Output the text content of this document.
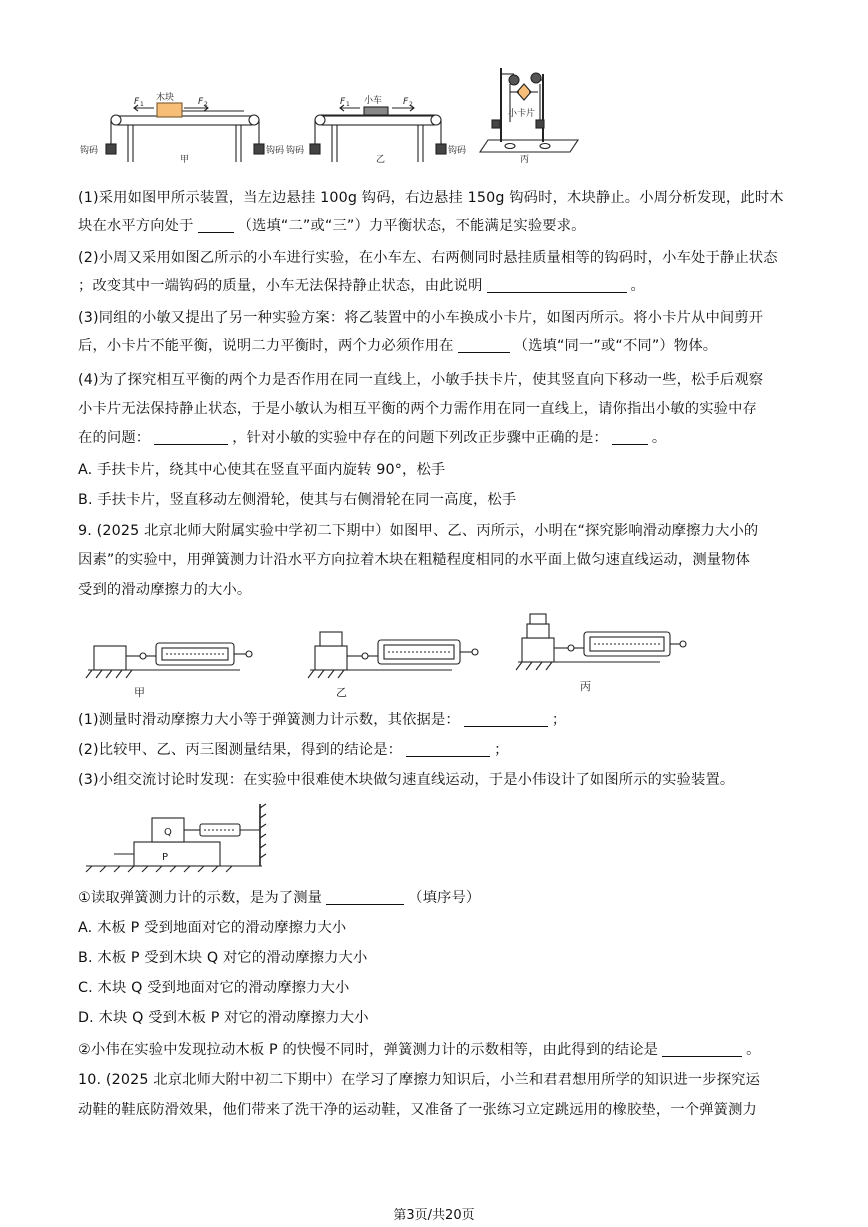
木块
F 1	F 2
钩码	钩码
甲
小车
F 1	F 2
钩码	钩码
乙
小卡片
丙
(1)采用如图甲所示装置，当左边悬挂 100g 钩码，右边悬挂 150g 钩码时，木块静止。小周分析发现，此时木
块在水平方向处于	（选填“二”或“三”）力平衡状态，不能满足实验要求。
(2)小周又采用如图乙所示的小车进行实验，在小车左、右两侧同时悬挂质量相等的钩码时，小车处于静止状态
；改变其中一端钩码的质量，小车无法保持静止状态，由此说明	。
(3)同组的小敏又提出了另一种实验方案：将乙装置中的小车换成小卡片，如图丙所示。将小卡片从中间剪开
后，小卡片不能平衡，说明二力平衡时，两个力必须作用在	（选填“同一”或“不同”）物体。
(4)为了探究相互平衡的两个力是否作用在同一直线上，小敏手扶卡片，使其竖直向下移动一些，松手后观察
小卡片无法保持静止状态，于是小敏认为相互平衡的两个力需作用在同一直线上，请你指出小敏的实验中存
在的问题：	，针对小敏的实验中存在的问题下列改正步骤中正确的是：	。
A. 手扶卡片，绕其中心使其在竖直平面内旋转 90°，松手
B. 手扶卡片，竖直移动左侧滑轮，使其与右侧滑轮在同一高度，松手
9. (2025 北京北师大附属实验中学初二下期中）如图甲、乙、丙所示，小明在“探究影响滑动摩擦力大小的
因素”的实验中，用弹簧测力计沿水平方向拉着木块在粗糙程度相同的水平面上做匀速直线运动，测量物体
受到的滑动摩擦力的大小。
甲	乙	丙
(1)测量时滑动摩擦力大小等于弹簧测力计示数，其依据是：	；
(2)比较甲、乙、丙三图测量结果，得到的结论是：	；
(3)小组交流讨论时发现：在实验中很难使木块做匀速直线运动，于是小伟设计了如图所示的实验装置。
Q
P
①读取弹簧测力计的示数，是为了测量	（填序号）
A. 木板 P 受到地面对它的滑动摩擦力大小
B. 木板 P 受到木块 Q 对它的滑动摩擦力大小
C. 木块 Q 受到地面对它的滑动摩擦力大小
D. 木块 Q 受到木板 P 对它的滑动摩擦力大小
②小伟在实验中发现拉动木板 P 的快慢不同时，弹簧测力计的示数相等，由此得到的结论是	。
10. (2025 北京北师大附中初二下期中）在学习了摩擦力知识后，小兰和君君想用所学的知识进一步探究运
动鞋的鞋底防滑效果，他们带来了洗干净的运动鞋，又准备了一张练习立定跳远用的橡胶垫，一个弹簧测力
第3页/共20页
